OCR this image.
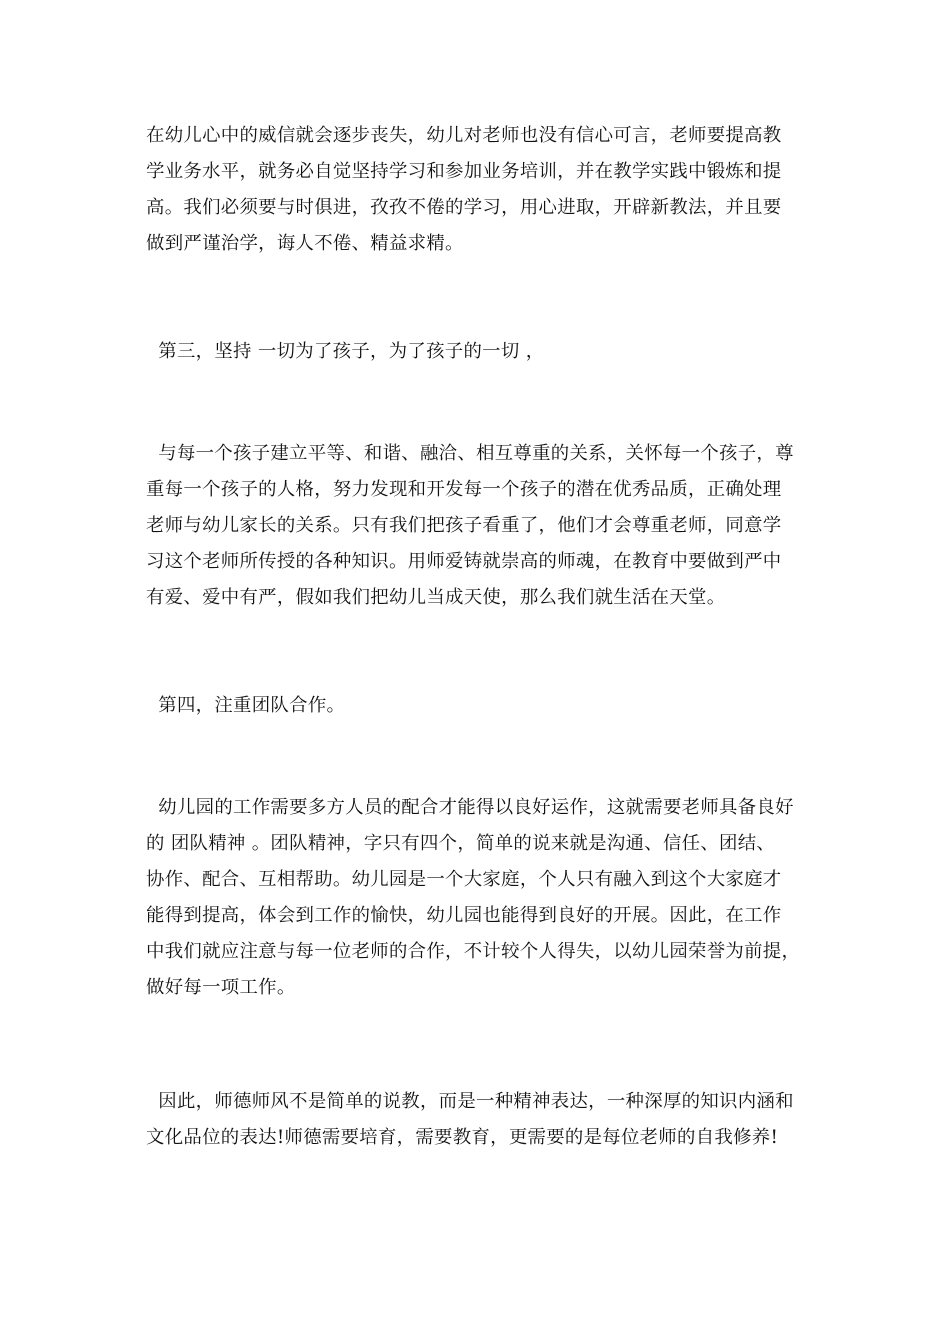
在幼儿心中的威信就会逐步丧失，幼儿对老师也没有信心可言，老师要提高教
学业务水平，就务必自觉坚持学习和参加业务培训，并在教学实践中锻炼和提
高。我们必须要与时俱进，孜孜不倦的学习，用心进取，开辟新教法，并且要
做到严谨治学，诲人不倦、精益求精。
第三，坚持 一切为了孩子，为了孩子的一切 ，
与每一个孩子建立平等、和谐、融洽、相互尊重的关系，关怀每一个孩子，尊
重每一个孩子的人格，努力发现和开发每一个孩子的潜在优秀品质，正确处理
老师与幼儿家长的关系。只有我们把孩子看重了，他们才会尊重老师，同意学
习这个老师所传授的各种知识。用师爱铸就崇高的师魂，在教育中要做到严中
有爱、爱中有严，假如我们把幼儿当成天使，那么我们就生活在天堂。
第四，注重团队合作。
幼儿园的工作需要多方人员的配合才能得以良好运作，这就需要老师具备良好
的 团队精神 。团队精神，字只有四个，简单的说来就是沟通、信任、团结、
协作、配合、互相帮助。幼儿园是一个大家庭，个人只有融入到这个大家庭才
能得到提高，体会到工作的愉快，幼儿园也能得到良好的开展。因此，在工作
中我们就应注意与每一位老师的合作，不计较个人得失，以幼儿园荣誉为前提，
做好每一项工作。
因此，师德师风不是简单的说教，而是一种精神表达，一种深厚的知识内涵和
文化品位的表达!师德需要培育，需要教育，更需要的是每位老师的自我修养!
